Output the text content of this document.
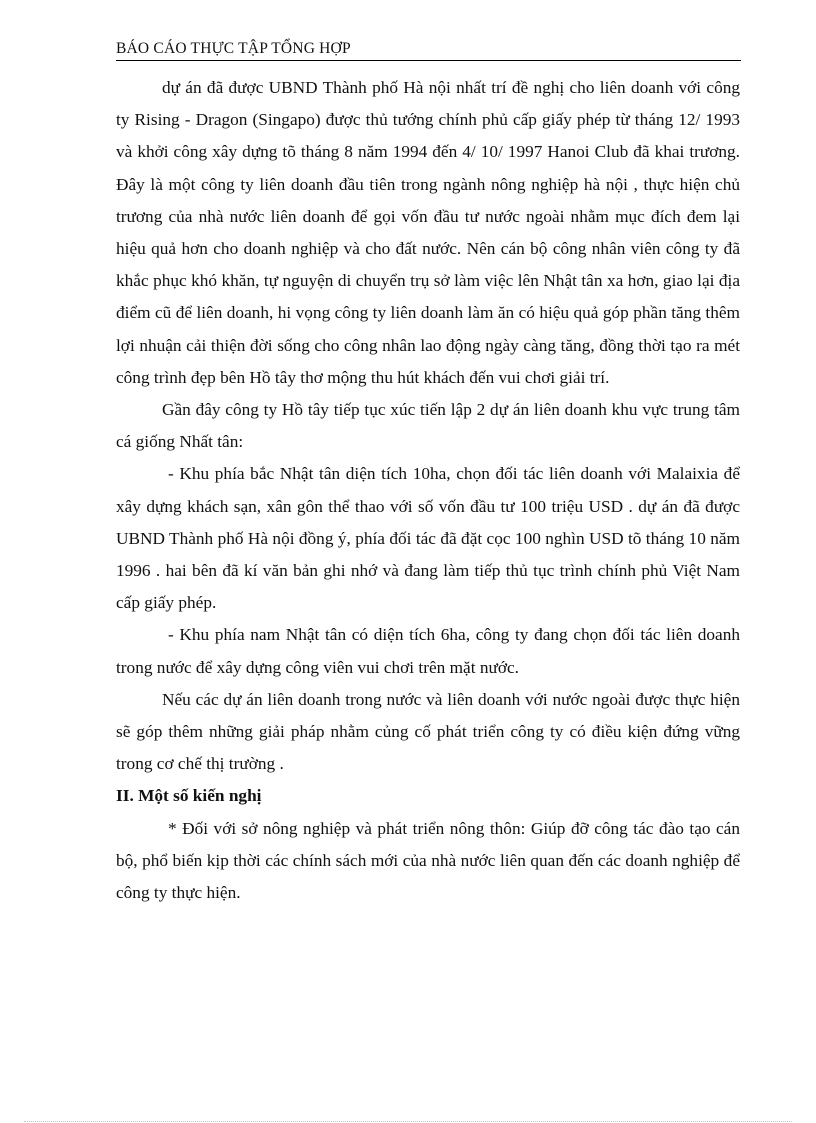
BÁO CÁO THỰC TẬP TỔNG HỢP

dự án đã được UBND Thành phố Hà nội nhất trí đề nghị cho liên doanh với công ty Rising - Dragon (Singapo) được thủ tướng chính phủ cấp giấy phép từ tháng 12/ 1993 và khởi công xây dựng tõ tháng 8 năm 1994 đến 4/ 10/ 1997 Hanoi Club đã khai trương. Đây là một công ty liên doanh đầu tiên trong ngành nông nghiệp hà nội , thực hiện chủ trương của nhà nước liên doanh để gọi vốn đầu tư nước ngoài nhằm mục đích đem lại hiệu quả hơn cho doanh nghiệp và cho đất nước. Nên cán bộ công nhân viên công ty đã khắc phục khó khăn, tự nguyện di chuyển trụ sở làm việc lên Nhật tân xa hơn, giao lại địa điểm cũ để liên doanh, hi vọng công ty liên doanh làm ăn có hiệu quả góp phần tăng thêm lợi nhuận cải thiện đời sống cho công nhân lao động ngày càng tăng, đồng thời tạo ra mét công trình đẹp bên Hồ tây thơ mộng thu hút khách đến vui chơi giải trí.

Gần đây công ty Hồ tây tiếp tục xúc tiến lập 2 dự án liên doanh khu vực trung tâm cá giống Nhất tân:

- Khu phía bắc Nhật tân diện tích 10ha, chọn đối tác liên doanh với Malaixia để xây dựng khách sạn, xân gôn thể thao với số vốn đầu tư 100 triệu USD . dự án đã được UBND Thành phố Hà nội đồng ý, phía đối tác đã đặt cọc 100 nghìn USD tõ tháng 10 năm 1996 . hai bên đã kí văn bản ghi nhớ và đang làm tiếp thủ tục trình chính phủ Việt Nam cấp giấy phép.

- Khu phía nam Nhật tân có diện tích 6ha, công ty đang chọn đối tác liên doanh trong nước để xây dựng công viên vui chơi trên mặt nước.

Nếu các dự án liên doanh trong nước và liên doanh với nước ngoài được thực hiện sẽ góp thêm những giải pháp nhằm củng cố phát triển công ty có điều kiện đứng vững trong cơ chế thị trường .

II. Một số kiến nghị

* Đối với sở nông nghiệp và phát triển nông thôn: Giúp đỡ công tác đào tạo cán bộ, phổ biến kịp thời các chính sách mới của nhà nước liên quan đến các doanh nghiệp để công ty thực hiện.
